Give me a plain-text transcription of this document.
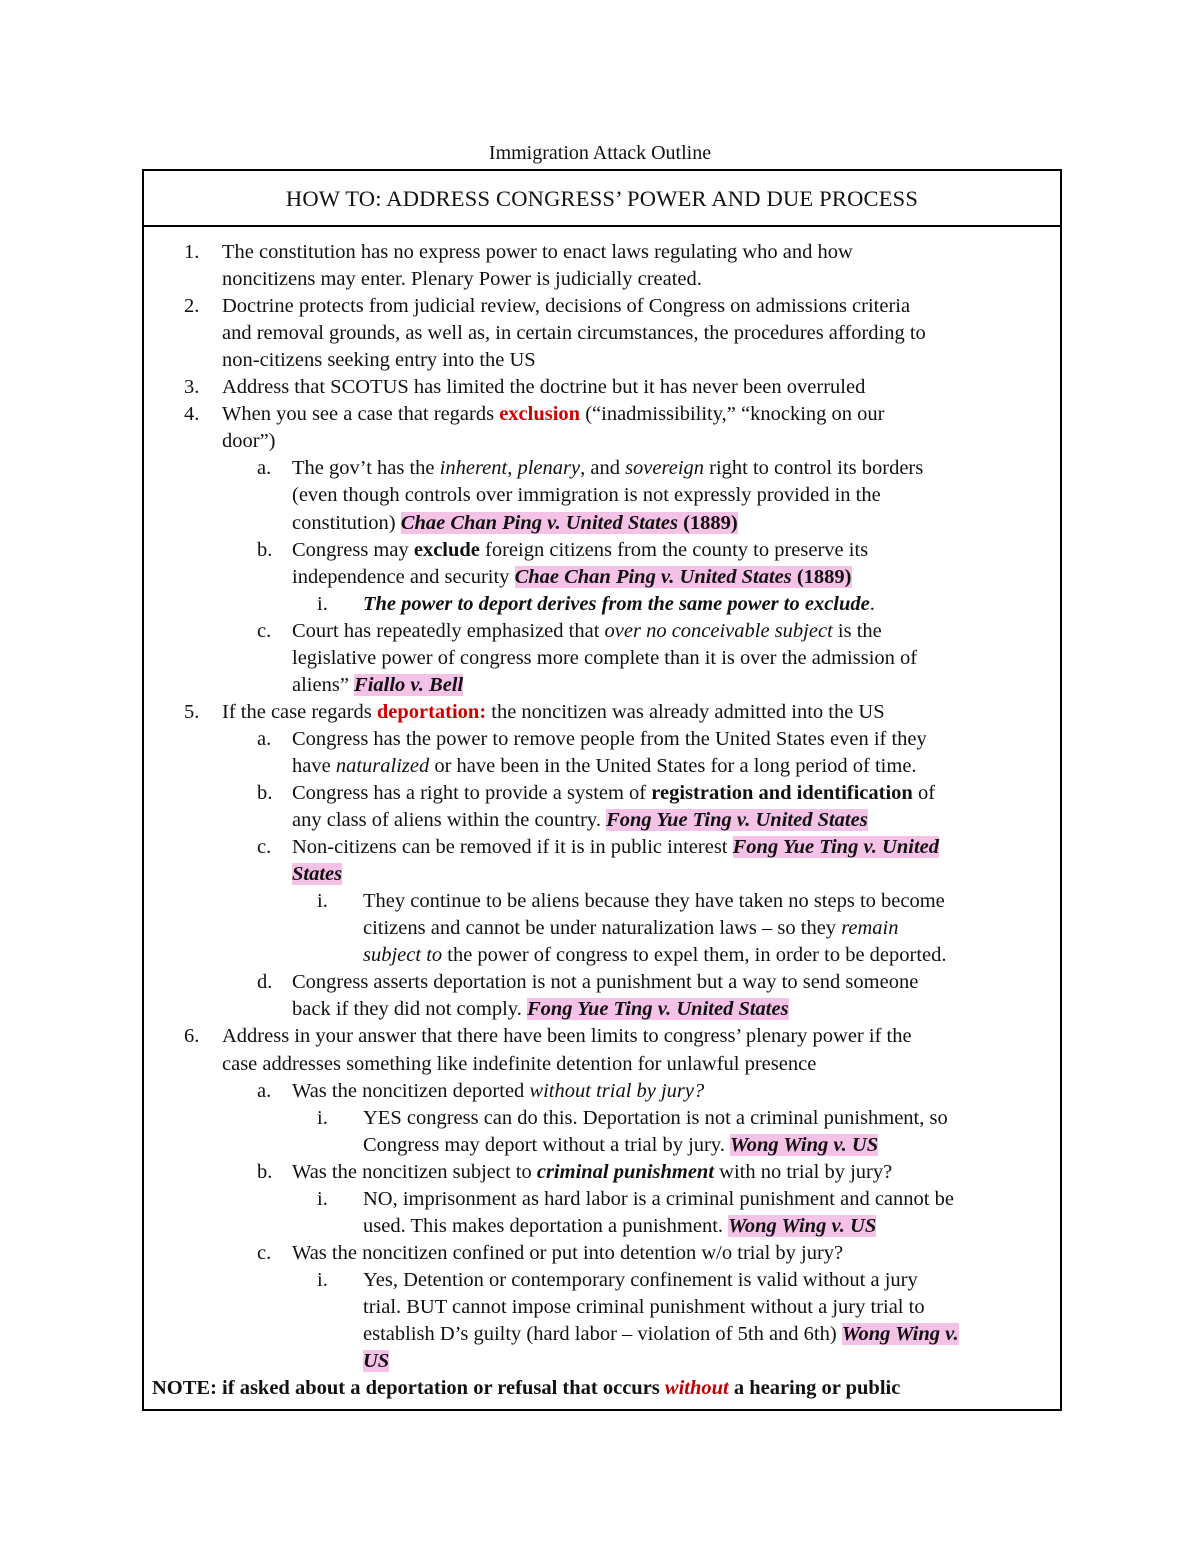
Immigration Attack Outline
HOW TO: ADDRESS CONGRESS’ POWER AND DUE PROCESS
1. The constitution has no express power to enact laws regulating who and how
noncitizens may enter. Plenary Power is judicially created.
2. Doctrine protects from judicial review, decisions of Congress on admissions criteria
and removal grounds, as well as, in certain circumstances, the procedures affording to
non-citizens seeking entry into the US
3. Address that SCOTUS has limited the doctrine but it has never been overruled
4. When you see a case that regards exclusion (“inadmissibility,” “knocking on our
door”)
a. The gov’t has the inherent, plenary, and sovereign right to control its borders
(even though controls over immigration is not expressly provided in the
constitution) Chae Chan Ping v. United States (1889)
b. Congress may exclude foreign citizens from the county to preserve its
independence and security Chae Chan Ping v. United States (1889)
i. The power to deport derives from the same power to exclude.
c. Court has repeatedly emphasized that over no conceivable subject is the
legislative power of congress more complete than it is over the admission of
aliens” Fiallo v. Bell
5. If the case regards deportation: the noncitizen was already admitted into the US
a. Congress has the power to remove people from the United States even if they
have naturalized or have been in the United States for a long period of time.
b. Congress has a right to provide a system of registration and identification of
any class of aliens within the country. Fong Yue Ting v. United States
c. Non-citizens can be removed if it is in public interest Fong Yue Ting v. United
States
i. They continue to be aliens because they have taken no steps to become
citizens and cannot be under naturalization laws – so they remain
subject to the power of congress to expel them, in order to be deported.
d. Congress asserts deportation is not a punishment but a way to send someone
back if they did not comply. Fong Yue Ting v. United States
6. Address in your answer that there have been limits to congress’ plenary power if the
case addresses something like indefinite detention for unlawful presence
a. Was the noncitizen deported without trial by jury?
i. YES congress can do this. Deportation is not a criminal punishment, so
Congress may deport without a trial by jury. Wong Wing v. US
b. Was the noncitizen subject to criminal punishment with no trial by jury?
i. NO, imprisonment as hard labor is a criminal punishment and cannot be
used. This makes deportation a punishment. Wong Wing v. US
c. Was the noncitizen confined or put into detention w/o trial by jury?
i. Yes, Detention or contemporary confinement is valid without a jury
trial. BUT cannot impose criminal punishment without a jury trial to
establish D’s guilty (hard labor – violation of 5th and 6th) Wong Wing v.
US
NOTE: if asked about a deportation or refusal that occurs without a hearing or public
